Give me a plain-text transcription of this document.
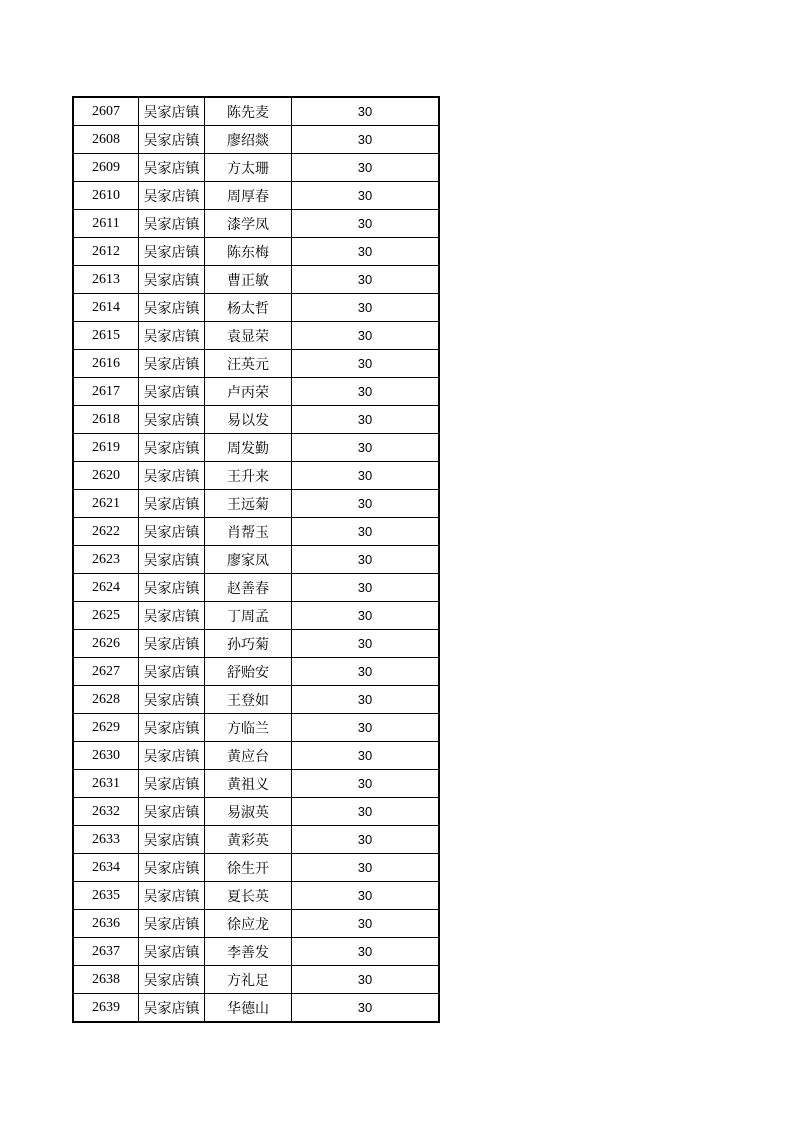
2607	吴家店镇	陈先麦	30
2608	吴家店镇	廖绍燚	30
2609	吴家店镇	方太珊	30
2610	吴家店镇	周厚春	30
2611	吴家店镇	漆学凤	30
2612	吴家店镇	陈东梅	30
2613	吴家店镇	曹正敏	30
2614	吴家店镇	杨太哲	30
2615	吴家店镇	袁显荣	30
2616	吴家店镇	汪英元	30
2617	吴家店镇	卢丙荣	30
2618	吴家店镇	易以发	30
2619	吴家店镇	周发勤	30
2620	吴家店镇	王升来	30
2621	吴家店镇	王远菊	30
2622	吴家店镇	肖帮玉	30
2623	吴家店镇	廖家凤	30
2624	吴家店镇	赵善春	30
2625	吴家店镇	丁周孟	30
2626	吴家店镇	孙巧菊	30
2627	吴家店镇	舒贻安	30
2628	吴家店镇	王登如	30
2629	吴家店镇	方临兰	30
2630	吴家店镇	黄应台	30
2631	吴家店镇	黄祖义	30
2632	吴家店镇	易淑英	30
2633	吴家店镇	黄彩英	30
2634	吴家店镇	徐生开	30
2635	吴家店镇	夏长英	30
2636	吴家店镇	徐应龙	30
2637	吴家店镇	李善发	30
2638	吴家店镇	方礼足	30
2639	吴家店镇	华德山	30
